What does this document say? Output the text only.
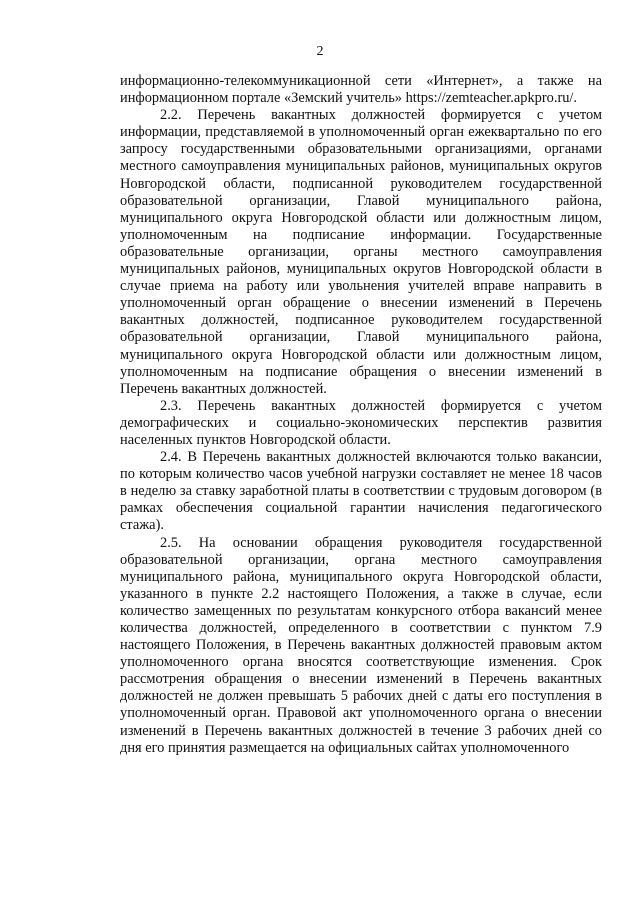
2

информационно-телекоммуникационной сети «Интернет», а также на информационном портале «Земский учитель» https://zemteacher.apkpro.ru/.

2.2. Перечень вакантных должностей формируется с учетом информации, представляемой в уполномоченный орган ежеквартально по его запросу государственными образовательными организациями, органами местного самоуправления муниципальных районов, муниципальных округов Новгородской области, подписанной руководителем государственной образовательной организации, Главой муниципального района, муниципального округа Новгородской области или должностным лицом, уполномоченным на подписание информации. Государственные образовательные организации, органы местного самоуправления муниципальных районов, муниципальных округов Новгородской области в случае приема на работу или увольнения учителей вправе направить в уполномоченный орган обращение о внесении изменений в Перечень вакантных должностей, подписанное руководителем государственной образовательной организации, Главой муниципального района, муниципального округа Новгородской области или должностным лицом, уполномоченным на подписание обращения о внесении изменений в Перечень вакантных должностей.

2.3. Перечень вакантных должностей формируется с учетом демографических и социально-экономических перспектив развития населенных пунктов Новгородской области.

2.4. В Перечень вакантных должностей включаются только вакансии, по которым количество часов учебной нагрузки составляет не менее 18 часов в неделю за ставку заработной платы в соответствии с трудовым договором (в рамках обеспечения социальной гарантии начисления педагогического стажа).

2.5. На основании обращения руководителя государственной образовательной организации, органа местного самоуправления муниципального района, муниципального округа Новгородской области, указанного в пункте 2.2 настоящего Положения, а также в случае, если количество замещенных по результатам конкурсного отбора вакансий менее количества должностей, определенного в соответствии с пунктом 7.9 настоящего Положения, в Перечень вакантных должностей правовым актом уполномоченного органа вносятся соответствующие изменения. Срок рассмотрения обращения о внесении изменений в Перечень вакантных должностей не должен превышать 5 рабочих дней с даты его поступления в уполномоченный орган. Правовой акт уполномоченного органа о внесении изменений в Перечень вакантных должностей в течение 3 рабочих дней со дня его принятия размещается на официальных сайтах уполномоченного
